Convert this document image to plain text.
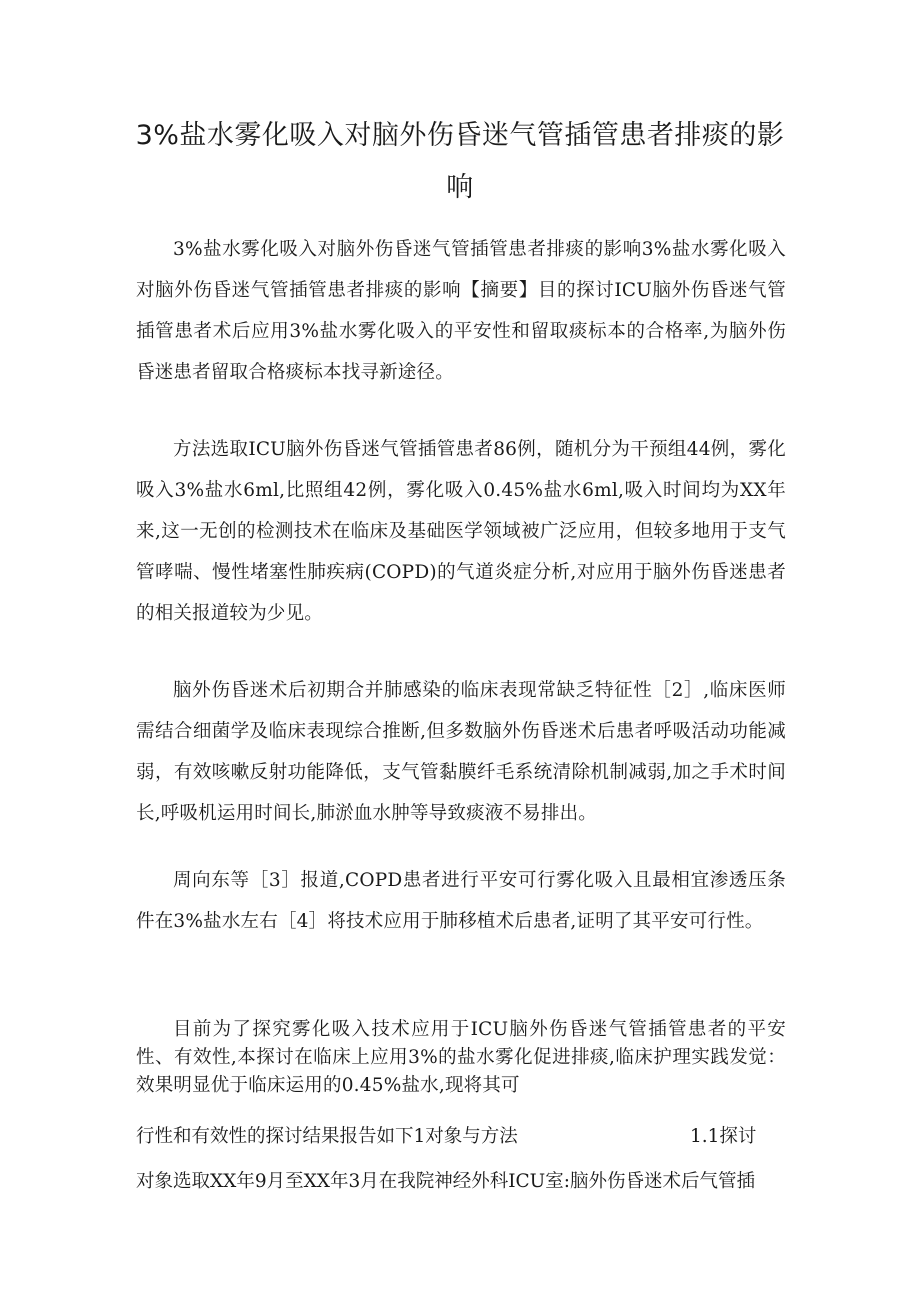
3%盐水雾化吸入对脑外伤昏迷气管插管患者排痰的影响
3%盐水雾化吸入对脑外伤昏迷气管插管患者排痰的影响3%盐水雾化吸入对脑外伤昏迷气管插管患者排痰的影响【摘要】目的探讨ICU脑外伤昏迷气管插管患者术后应用3%盐水雾化吸入的平安性和留取痰标本的合格率,为脑外伤昏迷患者留取合格痰标本找寻新途径。
方法选取ICU脑外伤昏迷气管插管患者86例，随机分为干预组44例，雾化吸入3%盐水6ml,比照组42例，雾化吸入0.45%盐水6ml,吸入时间均为XX年来,这一无创的检测技术在临床及基础医学领域被广泛应用，但较多地用于支气管哮喘、慢性堵塞性肺疾病(COPD)的气道炎症分析,对应用于脑外伤昏迷患者的相关报道较为少见。
脑外伤昏迷术后初期合并肺感染的临床表现常缺乏特征性［2］,临床医师需结合细菌学及临床表现综合推断,但多数脑外伤昏迷术后患者呼吸活动功能减弱，有效咳嗽反射功能降低，支气管黏膜纤毛系统清除机制减弱,加之手术时间长,呼吸机运用时间长,肺淤血水肿等导致痰液不易排出。
周向东等［3］报道,COPD患者进行平安可行雾化吸入且最相宜渗透压条件在3%盐水左右［4］将技术应用于肺移植术后患者,证明了其平安可行性。
目前为了探究雾化吸入技术应用于ICU脑外伤昏迷气管插管患者的平安性、有效性,本探讨在临床上应用3%的盐水雾化促进排痰,临床护理实践发觉：效果明显优于临床运用的0.45%盐水,现将其可
行性和有效性的探讨结果报告如下1对象与方法	1.1探讨
对象选取XX年9月至XX年3月在我院神经外科ICU室:脑外伤昏迷术后气管插
